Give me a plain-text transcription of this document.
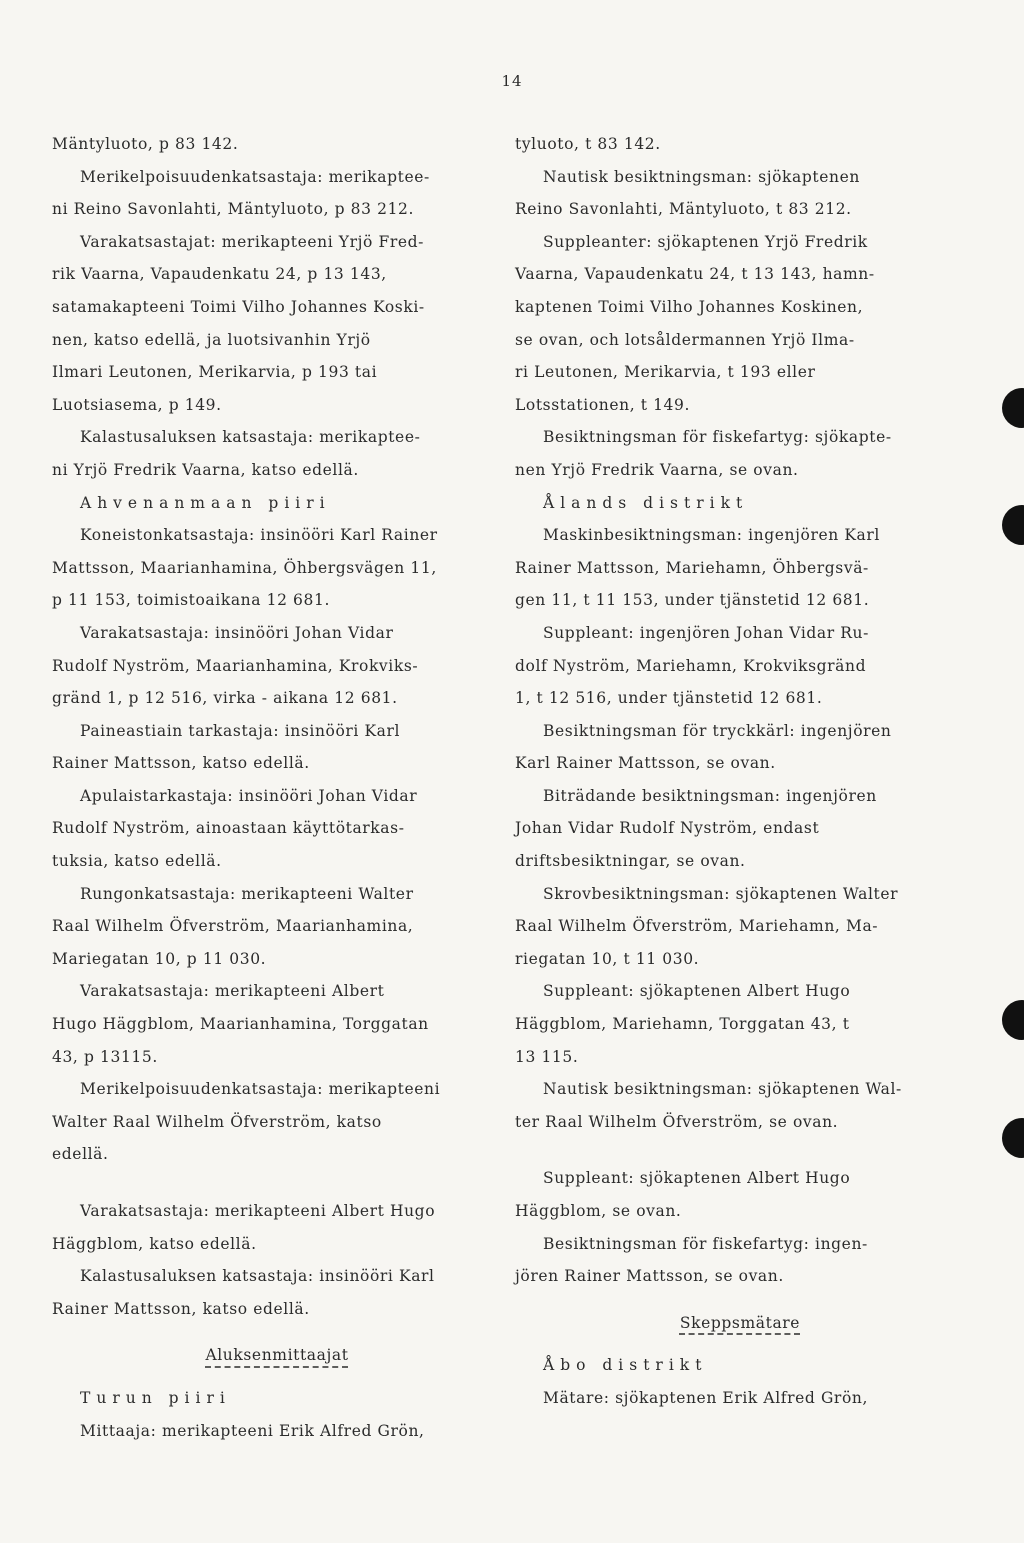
14
Mäntyluoto, p 83 142.
Merikelpoisuudenkatsastaja: merikaptee-
ni Reino Savonlahti, Mäntyluoto, p 83 212.
Varakatsastajat: merikapteeni Yrjö Fred-
rik Vaarna, Vapaudenkatu 24, p 13 143,
satamakapteeni Toimi Vilho Johannes Koski-
nen, katso edellä, ja luotsivanhin Yrjö
Ilmari Leutonen, Merikarvia, p 193 tai
Luotsiasema, p 149.
Kalastusaluksen katsastaja: merikaptee-
ni Yrjö Fredrik Vaarna, katso edellä.
Ahvenanmaan piiri
Koneistonkatsastaja: insinööri Karl Rainer
Mattsson, Maarianhamina, Öhbergsvägen 11,
p 11 153, toimistoaikana 12 681.
Varakatsastaja: insinööri Johan Vidar
Rudolf Nyström, Maarianhamina, Krokviks-
gränd 1, p 12 516, virka - aikana 12 681.
Paineastiain tarkastaja: insinööri Karl
Rainer Mattsson, katso edellä.
Apulaistarkastaja: insinööri Johan Vidar
Rudolf Nyström, ainoastaan käyttötarkas-
tuksia, katso edellä.
Rungonkatsastaja: merikapteeni Walter
Raal Wilhelm Öfverström, Maarianhamina,
Mariegatan 10, p 11 030.
Varakatsastaja: merikapteeni Albert
Hugo Häggblom, Maarianhamina, Torggatan
43, p 13115.
Merikelpoisuudenkatsastaja: merikapteeni
Walter Raal Wilhelm Öfverström, katso
edellä.
Varakatsastaja: merikapteeni Albert Hugo
Häggblom, katso edellä.
Kalastusaluksen katsastaja: insinööri Karl
Rainer Mattsson, katso edellä.
Aluksenmittaajat
Turun piiri
Mittaaja: merikapteeni Erik Alfred Grön,
tyluoto, t 83 142.
Nautisk besiktningsman: sjökaptenen
Reino Savonlahti, Mäntyluoto, t 83 212.
Suppleanter: sjökaptenen Yrjö Fredrik
Vaarna, Vapaudenkatu 24, t 13 143, hamn-
kaptenen Toimi Vilho Johannes Koskinen,
se ovan, och lotsåldermannen Yrjö Ilma-
ri Leutonen, Merikarvia, t 193 eller
Lotsstationen, t 149.
Besiktningsman för fiskefartyg: sjökapte-
nen Yrjö Fredrik Vaarna, se ovan.
Ålands distrikt
Maskinbesiktningsman: ingenjören Karl
Rainer Mattsson, Mariehamn, Öhbergsvä-
gen 11, t 11 153, under tjänstetid 12 681.
Suppleant: ingenjören Johan Vidar Ru-
dolf Nyström, Mariehamn, Krokviksgränd
1, t 12 516, under tjänstetid 12 681.
Besiktningsman för tryckkärl: ingenjören
Karl Rainer Mattsson, se ovan.
Biträdande besiktningsman: ingenjören
Johan Vidar Rudolf Nyström, endast
driftsbesiktningar, se ovan.
Skrovbesiktningsman: sjökaptenen Walter
Raal Wilhelm Öfverström, Mariehamn, Ma-
riegatan 10, t 11 030.
Suppleant: sjökaptenen Albert Hugo
Häggblom, Mariehamn, Torggatan 43, t
13 115.
Nautisk besiktningsman: sjökaptenen Wal-
ter Raal Wilhelm Öfverström, se ovan.
Suppleant: sjökaptenen Albert Hugo
Häggblom, se ovan.
Besiktningsman för fiskefartyg: ingen-
jören Rainer Mattsson, se ovan.
Skeppsmätare
Åbo distrikt
Mätare: sjökaptenen Erik Alfred Grön,
